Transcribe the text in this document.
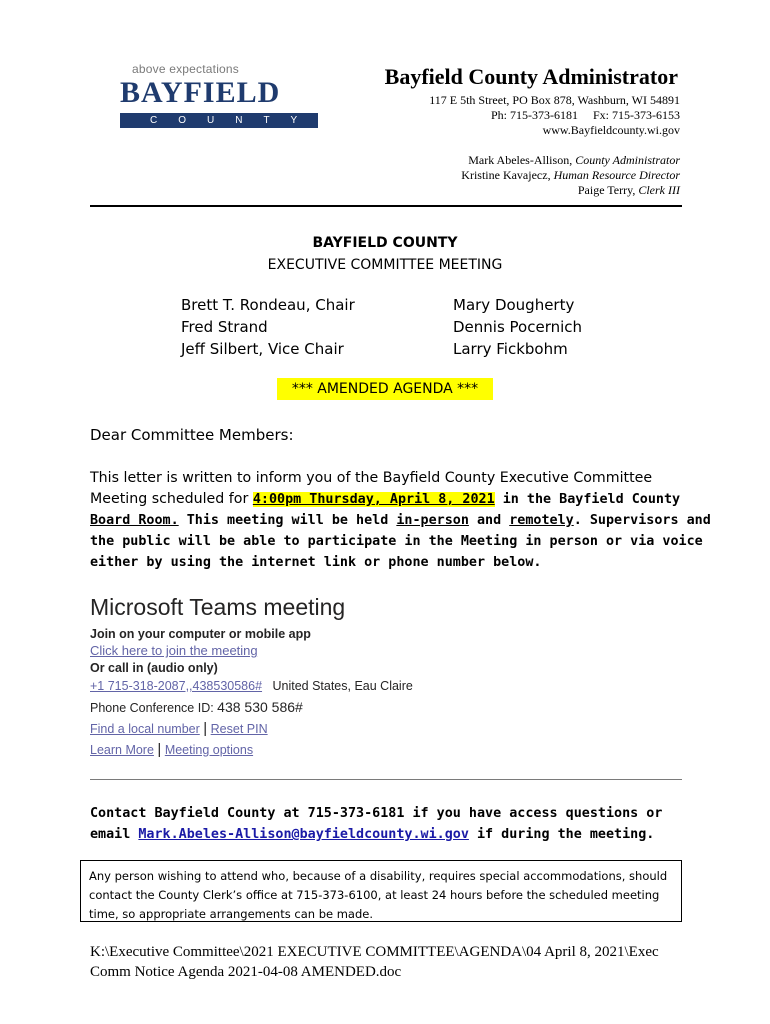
above expectations
BAYFIELD
COUNTY
Bayfield County Administrator
117 E 5th Street, PO Box 878, Washburn, WI 54891
Ph: 715-373-6181 Fx: 715-373-6153
www.Bayfieldcounty.wi.gov
Mark Abeles-Allison, County Administrator
Kristine Kavajecz, Human Resource Director
Paige Terry, Clerk III
BAYFIELD COUNTY
EXECUTIVE COMMITTEE MEETING
Brett T. Rondeau, Chair
Fred Strand
Jeff Silbert, Vice Chair
Mary Dougherty
Dennis Pocernich
Larry Fickbohm
*** AMENDED AGENDA ***
Dear Committee Members:
This letter is written to inform you of the Bayfield County Executive Committee
Meeting scheduled for 4:00pm Thursday, April 8, 2021 in the Bayfield County
Board Room. This meeting will be held in-person and remotely. Supervisors and
the public will be able to participate in the Meeting in person or via voice
either by using the internet link or phone number below.
Microsoft Teams meeting
Join on your computer or mobile app
Click here to join the meeting
Or call in (audio only)
+1 715-318-2087,,438530586# United States, Eau Claire
Phone Conference ID: 438 530 586#
Find a local number | Reset PIN
Learn More | Meeting options
Contact Bayfield County at 715-373-6181 if you have access questions or
email Mark.Abeles-Allison@bayfieldcounty.wi.gov if during the meeting.
Any person wishing to attend who, because of a disability, requires special accommodations, should contact the County Clerk’s office at 715-373-6100, at least 24 hours before the scheduled meeting time, so appropriate arrangements can be made.
K:\Executive Committee\2021 EXECUTIVE COMMITTEE\AGENDA\04 April 8, 2021\Exec
Comm Notice Agenda 2021-04-08 AMENDED.doc
